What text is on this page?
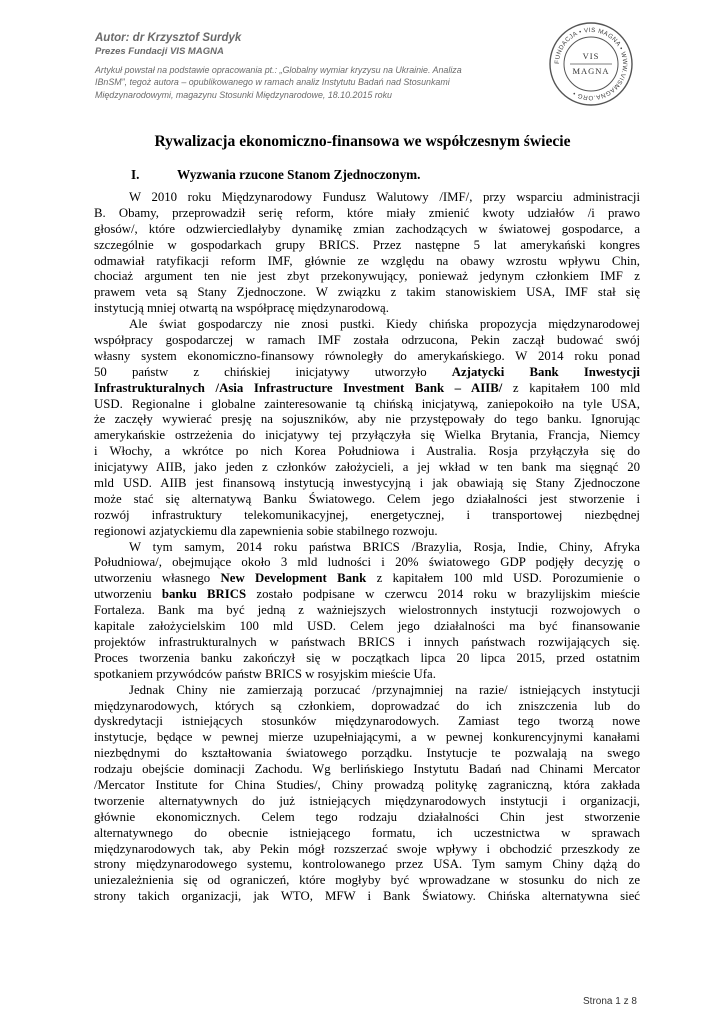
Autor: dr Krzysztof Surdyk
Prezes Fundacji VIS MAGNA
Artykuł powstał na podstawie opracowania pt.: „Globalny wymiar kryzysu na Ukrainie. Analiza
IBnSM”, tegoż autora – opublikowanego w ramach analiz Instytutu Badań nad Stosunkami
Międzynarodowymi, magazynu Stosunki Międzynarodowe, 18.10.2015 roku
FUNDACJA • VIS MAGNA • WWW.VISMAGNA.ORG •
VIS
MAGNA
Rywalizacja ekonomiczno-finansowa we współczesnym świecie
I.	Wyzwania rzucone Stanom Zjednoczonym.
W 2010 roku Międzynarodowy Fundusz Walutowy /IMF/, przy wsparciu administracji
B. Obamy, przeprowadził serię reform, które miały zmienić kwoty udziałów /i prawo
głosów/, które odzwierciedlałyby dynamikę zmian zachodzących w światowej gospodarce, a
szczególnie w gospodarkach grupy BRICS. Przez następne 5 lat amerykański kongres
odmawiał ratyfikacji reform IMF, głównie ze względu na obawy wzrostu wpływu Chin,
chociaż argument ten nie jest zbyt przekonywujący, ponieważ jedynym członkiem IMF z
prawem veta są Stany Zjednoczone. W związku z takim stanowiskiem USA, IMF stał się
instytucją mniej otwartą na współpracę międzynarodową.
Ale świat gospodarczy nie znosi pustki. Kiedy chińska propozycja międzynarodowej
współpracy gospodarczej w ramach IMF została odrzucona, Pekin zaczął budować swój
własny system ekonomiczno-finansowy równoległy do amerykańskiego. W 2014 roku ponad
50 państw z chińskiej inicjatywy utworzyło Azjatycki Bank Inwestycji
Infrastrukturalnych /Asia Infrastructure Investment Bank – AIIB/ z kapitałem 100 mld
USD. Regionalne i globalne zainteresowanie tą chińską inicjatywą, zaniepokoiło na tyle USA,
że zaczęły wywierać presję na sojuszników, aby nie przystępowały do tego banku. Ignorując
amerykańskie ostrzeżenia do inicjatywy tej przyłączyła się Wielka Brytania, Francja, Niemcy
i Włochy, a wkrótce po nich Korea Południowa i Australia. Rosja przyłączyła się do
inicjatywy AIIB, jako jeden z członków założycieli, a jej wkład w ten bank ma sięgnąć 20
mld USD. AIIB jest finansową instytucją inwestycyjną i jak obawiają się Stany Zjednoczone
może stać się alternatywą Banku Światowego. Celem jego działalności jest stworzenie i
rozwój infrastruktury telekomunikacyjnej, energetycznej, i transportowej niezbędnej
regionowi azjatyckiemu dla zapewnienia sobie stabilnego rozwoju.
W tym samym, 2014 roku państwa BRICS /Brazylia, Rosja, Indie, Chiny, Afryka
Południowa/, obejmujące około 3 mld ludności i 20% światowego GDP podjęły decyzję o
utworzeniu własnego New Development Bank z kapitałem 100 mld USD. Porozumienie o
utworzeniu banku BRICS zostało podpisane w czerwcu 2014 roku w brazylijskim mieście
Fortaleza. Bank ma być jedną z ważniejszych wielostronnych instytucji rozwojowych o
kapitale założycielskim 100 mld USD. Celem jego działalności ma być finansowanie
projektów infrastrukturalnych w państwach BRICS i innych państwach rozwijających się.
Proces tworzenia banku zakończył się w początkach lipca 20 lipca 2015, przed ostatnim
spotkaniem przywódców państw BRICS w rosyjskim mieście Ufa.
Jednak Chiny nie zamierzają porzucać /przynajmniej na razie/ istniejących instytucji
międzynarodowych, których są członkiem, doprowadzać do ich zniszczenia lub do
dyskredytacji istniejących stosunków międzynarodowych. Zamiast tego tworzą nowe
instytucje, będące w pewnej mierze uzupełniającymi, a w pewnej konkurencyjnymi kanałami
niezbędnymi do kształtowania światowego porządku. Instytucje te pozwalają na swego
rodzaju obejście dominacji Zachodu. Wg berlińskiego Instytutu Badań nad Chinami Mercator
/Mercator Institute for China Studies/, Chiny prowadzą politykę zagraniczną, która zakłada
tworzenie alternatywnych do już istniejących międzynarodowych instytucji i organizacji,
głównie ekonomicznych. Celem tego rodzaju działalności Chin jest stworzenie
alternatywnego do obecnie istniejącego formatu, ich uczestnictwa w sprawach
międzynarodowych tak, aby Pekin mógł rozszerzać swoje wpływy i obchodzić przeszkody ze
strony międzynarodowego systemu, kontrolowanego przez USA. Tym samym Chiny dążą do
uniezależnienia się od ograniczeń, które mogłyby być wprowadzane w stosunku do nich ze
strony takich organizacji, jak WTO, MFW i Bank Światowy. Chińska alternatywna sieć
Strona 1 z 8
